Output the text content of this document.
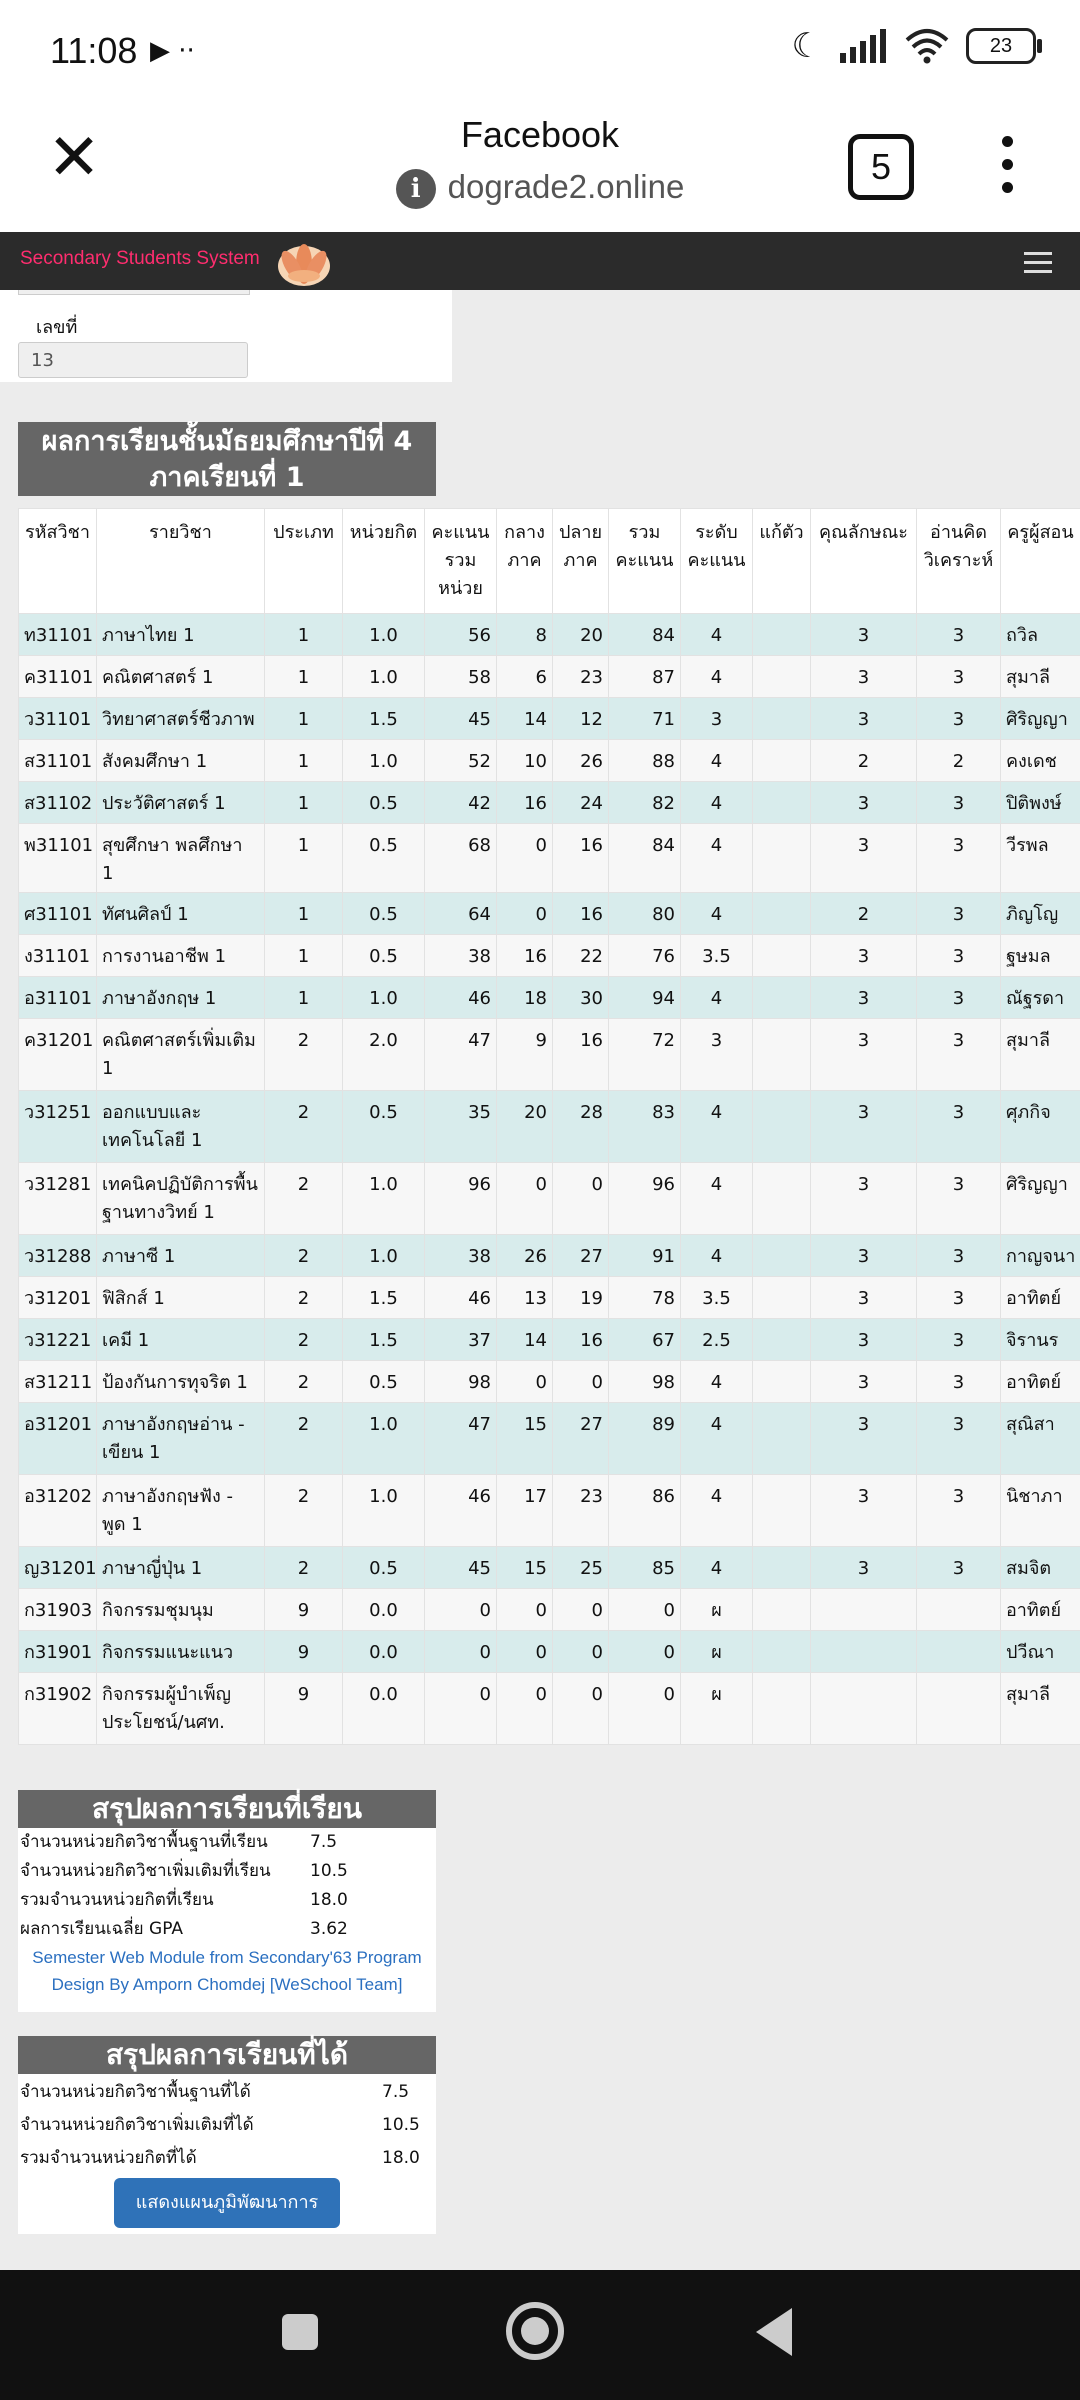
11:08 ▶ ··	☾	23
✕	Facebook
i dograde2.online	5
Secondary Students System
เลขที่
13
ผลการเรียนชั้นมัธยมศึกษาปีที่ 4 ภาคเรียนที่ 1
รหัสวิชา	รายวิชา	ประเภท	หน่วยกิต	คะแนนรวมหน่วย	กลางภาค	ปลายภาค	รวมคะแนน	ระดับคะแนน	แก้ตัว	คุณลักษณะ	อ่านคิดวิเคราะห์	ครูผู้สอน
ท31101	ภาษาไทย 1	1	1.0	56	8	20	84	4		3	3	ถวิล
ค31101	คณิตศาสตร์ 1	1	1.0	58	6	23	87	4		3	3	สุมาลี
ว31101	วิทยาศาสตร์ชีวภาพ	1	1.5	45	14	12	71	3		3	3	ศิริญญา
ส31101	สังคมศึกษา 1	1	1.0	52	10	26	88	4		2	2	คงเดช
ส31102	ประวัติศาสตร์ 1	1	0.5	42	16	24	82	4		3	3	ปิติพงษ์
พ31101	สุขศึกษา พลศึกษา 1	1	0.5	68	0	16	84	4		3	3	วีรพล
ศ31101	ทัศนศิลป์ 1	1	0.5	64	0	16	80	4		2	3	ภิญโญ
ง31101	การงานอาชีพ 1	1	0.5	38	16	22	76	3.5		3	3	ฐษมล
อ31101	ภาษาอังกฤษ 1	1	1.0	46	18	30	94	4		3	3	ณัฐรดา
ค31201	คณิตศาสตร์เพิ่มเติม 1	2	2.0	47	9	16	72	3		3	3	สุมาลี
ว31251	ออกแบบและเทคโนโลยี 1	2	0.5	35	20	28	83	4		3	3	ศุภกิจ
ว31281	เทคนิคปฏิบัติการพื้นฐานทางวิทย์ 1	2	1.0	96	0	0	96	4		3	3	ศิริญญา
ว31288	ภาษาซี 1	2	1.0	38	26	27	91	4		3	3	กาญจนา
ว31201	ฟิสิกส์ 1	2	1.5	46	13	19	78	3.5		3	3	อาทิตย์
ว31221	เคมี 1	2	1.5	37	14	16	67	2.5		3	3	จิรานร
ส31211	ป้องกันการทุจริต 1	2	0.5	98	0	0	98	4		3	3	อาทิตย์
อ31201	ภาษาอังกฤษอ่าน - เขียน 1	2	1.0	47	15	27	89	4		3	3	สุณิสา
อ31202	ภาษาอังกฤษฟัง - พูด 1	2	1.0	46	17	23	86	4		3	3	นิชาภา
ญ31201	ภาษาญี่ปุ่น 1	2	0.5	45	15	25	85	4		3	3	สมจิต
ก31903	กิจกรรมชุมนุม	9	0.0	0	0	0	0	ผ				อาทิตย์
ก31901	กิจกรรมแนะแนว	9	0.0	0	0	0	0	ผ				ปวีณา
ก31902	กิจกรรมผู้บำเพ็ญประโยชน์/นศท.	9	0.0	0	0	0	0	ผ				สุมาลี
สรุปผลการเรียนที่เรียน
จำนวนหน่วยกิตวิชาพื้นฐานที่เรียน 7.5
จำนวนหน่วยกิตวิชาเพิ่มเติมที่เรียน 10.5
รวมจำนวนหน่วยกิตที่เรียน	18.0
ผลการเรียนเฉลี่ย GPA	3.62
Semester Web Module from Secondary'63 Program
Design By Amporn Chomdej [WeSchool Team]
สรุปผลการเรียนที่ได้
จำนวนหน่วยกิตวิชาพื้นฐานที่ได้	7.5
จำนวนหน่วยกิตวิชาเพิ่มเติมที่ได้	10.5
รวมจำนวนหน่วยกิตที่ได้	18.0
แสดงแผนภูมิพัฒนาการ
